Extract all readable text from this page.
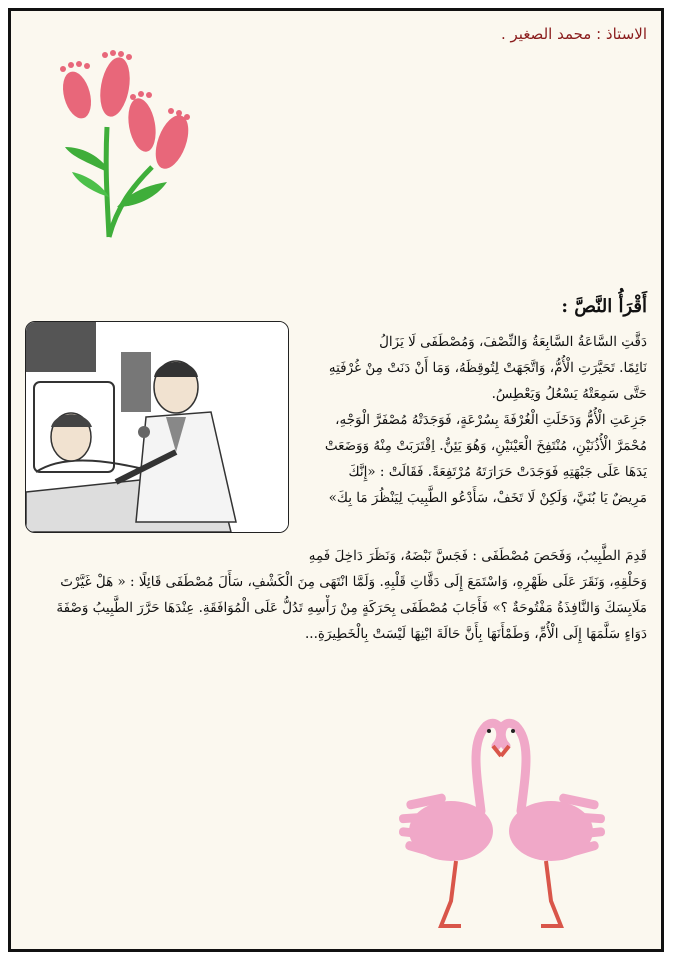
الاستاذ : محمد الصغير .
أَقْرَأُ النَّصَّ :
دَقَّتِ السَّاعَةُ السَّابِعَةُ وَالنِّصْفَ، وَمُصْطَفَى لَا يَزَالُ
نَائِمًا. تَحَيَّرَتِ الْأُمُّ، وَاتَّجَهَتْ لِتُوقِظَهُ، وَمَا أَنْ دَنَتْ مِنْ غُرْفَتِهِ
حَتَّى سَمِعَتْهُ يَسْعُلُ وَيَعْطِسُ.
جَزِعَتِ الْأُمُّ وَدَخَلَتِ الْغُرْفَةَ بِسُرْعَةٍ، فَوَجَدَتْهُ مُصْفَرَّ الْوَجْهِ،
مُحْمَرَّ الْأُذُنَيْنِ، مُنْتَفِخَ الْعَيْنَيْنِ، وَهُوَ يَئِنُّ. اِقْتَرَبَتْ مِنْهُ وَوَضَعَتْ
يَدَهَا عَلَى جَبْهَتِهِ فَوَجَدَتْ حَرَارَتَهُ مُرْتَفِعَةً. فَقَالَتْ : «إِنَّكَ
مَرِيضٌ يَا بُنَيَّ، وَلَكِنْ لَا تَخَفْ، سَأَدْعُو الطَّبِيبَ لِيَنْظُرَ مَا بِكَ»
قَدِمَ الطَّبِيبُ، وَفَحَصَ مُصْطَفَى : فَجَسَّ نَبْضَهُ، وَنَظَرَ دَاخِلَ فَمِهِ
وَحَلْقِهِ، وَنَقَرَ عَلَى ظَهْرِهِ، وَاسْتَمَعَ إِلَى دَقَّاتِ قَلْبِهِ. وَلَمَّا انْتَهَى مِنَ الْكَشْفِ، سَأَلَ مُصْطَفَى قَائِلًا : « هَلْ غَيَّرْتَ
مَلَابِسَكَ وَالنَّافِذَةُ مَفْتُوحَةٌ ؟» فَأَجَابَ مُصْطَفَى بِحَرَكَةٍ مِنْ رَأْسِهِ تَدُلُّ عَلَى الْمُوَافَقَةِ. عِنْدَهَا حَرَّرَ الطَّبِيبُ وَصْفَةَ
دَوَاءٍ سَلَّمَهَا إِلَى الْأُمِّ، وَطَمْأَنَهَا بِأَنَّ حَالَةَ ابْنِهَا لَيْسَتْ بِالْخَطِيرَةِ...
